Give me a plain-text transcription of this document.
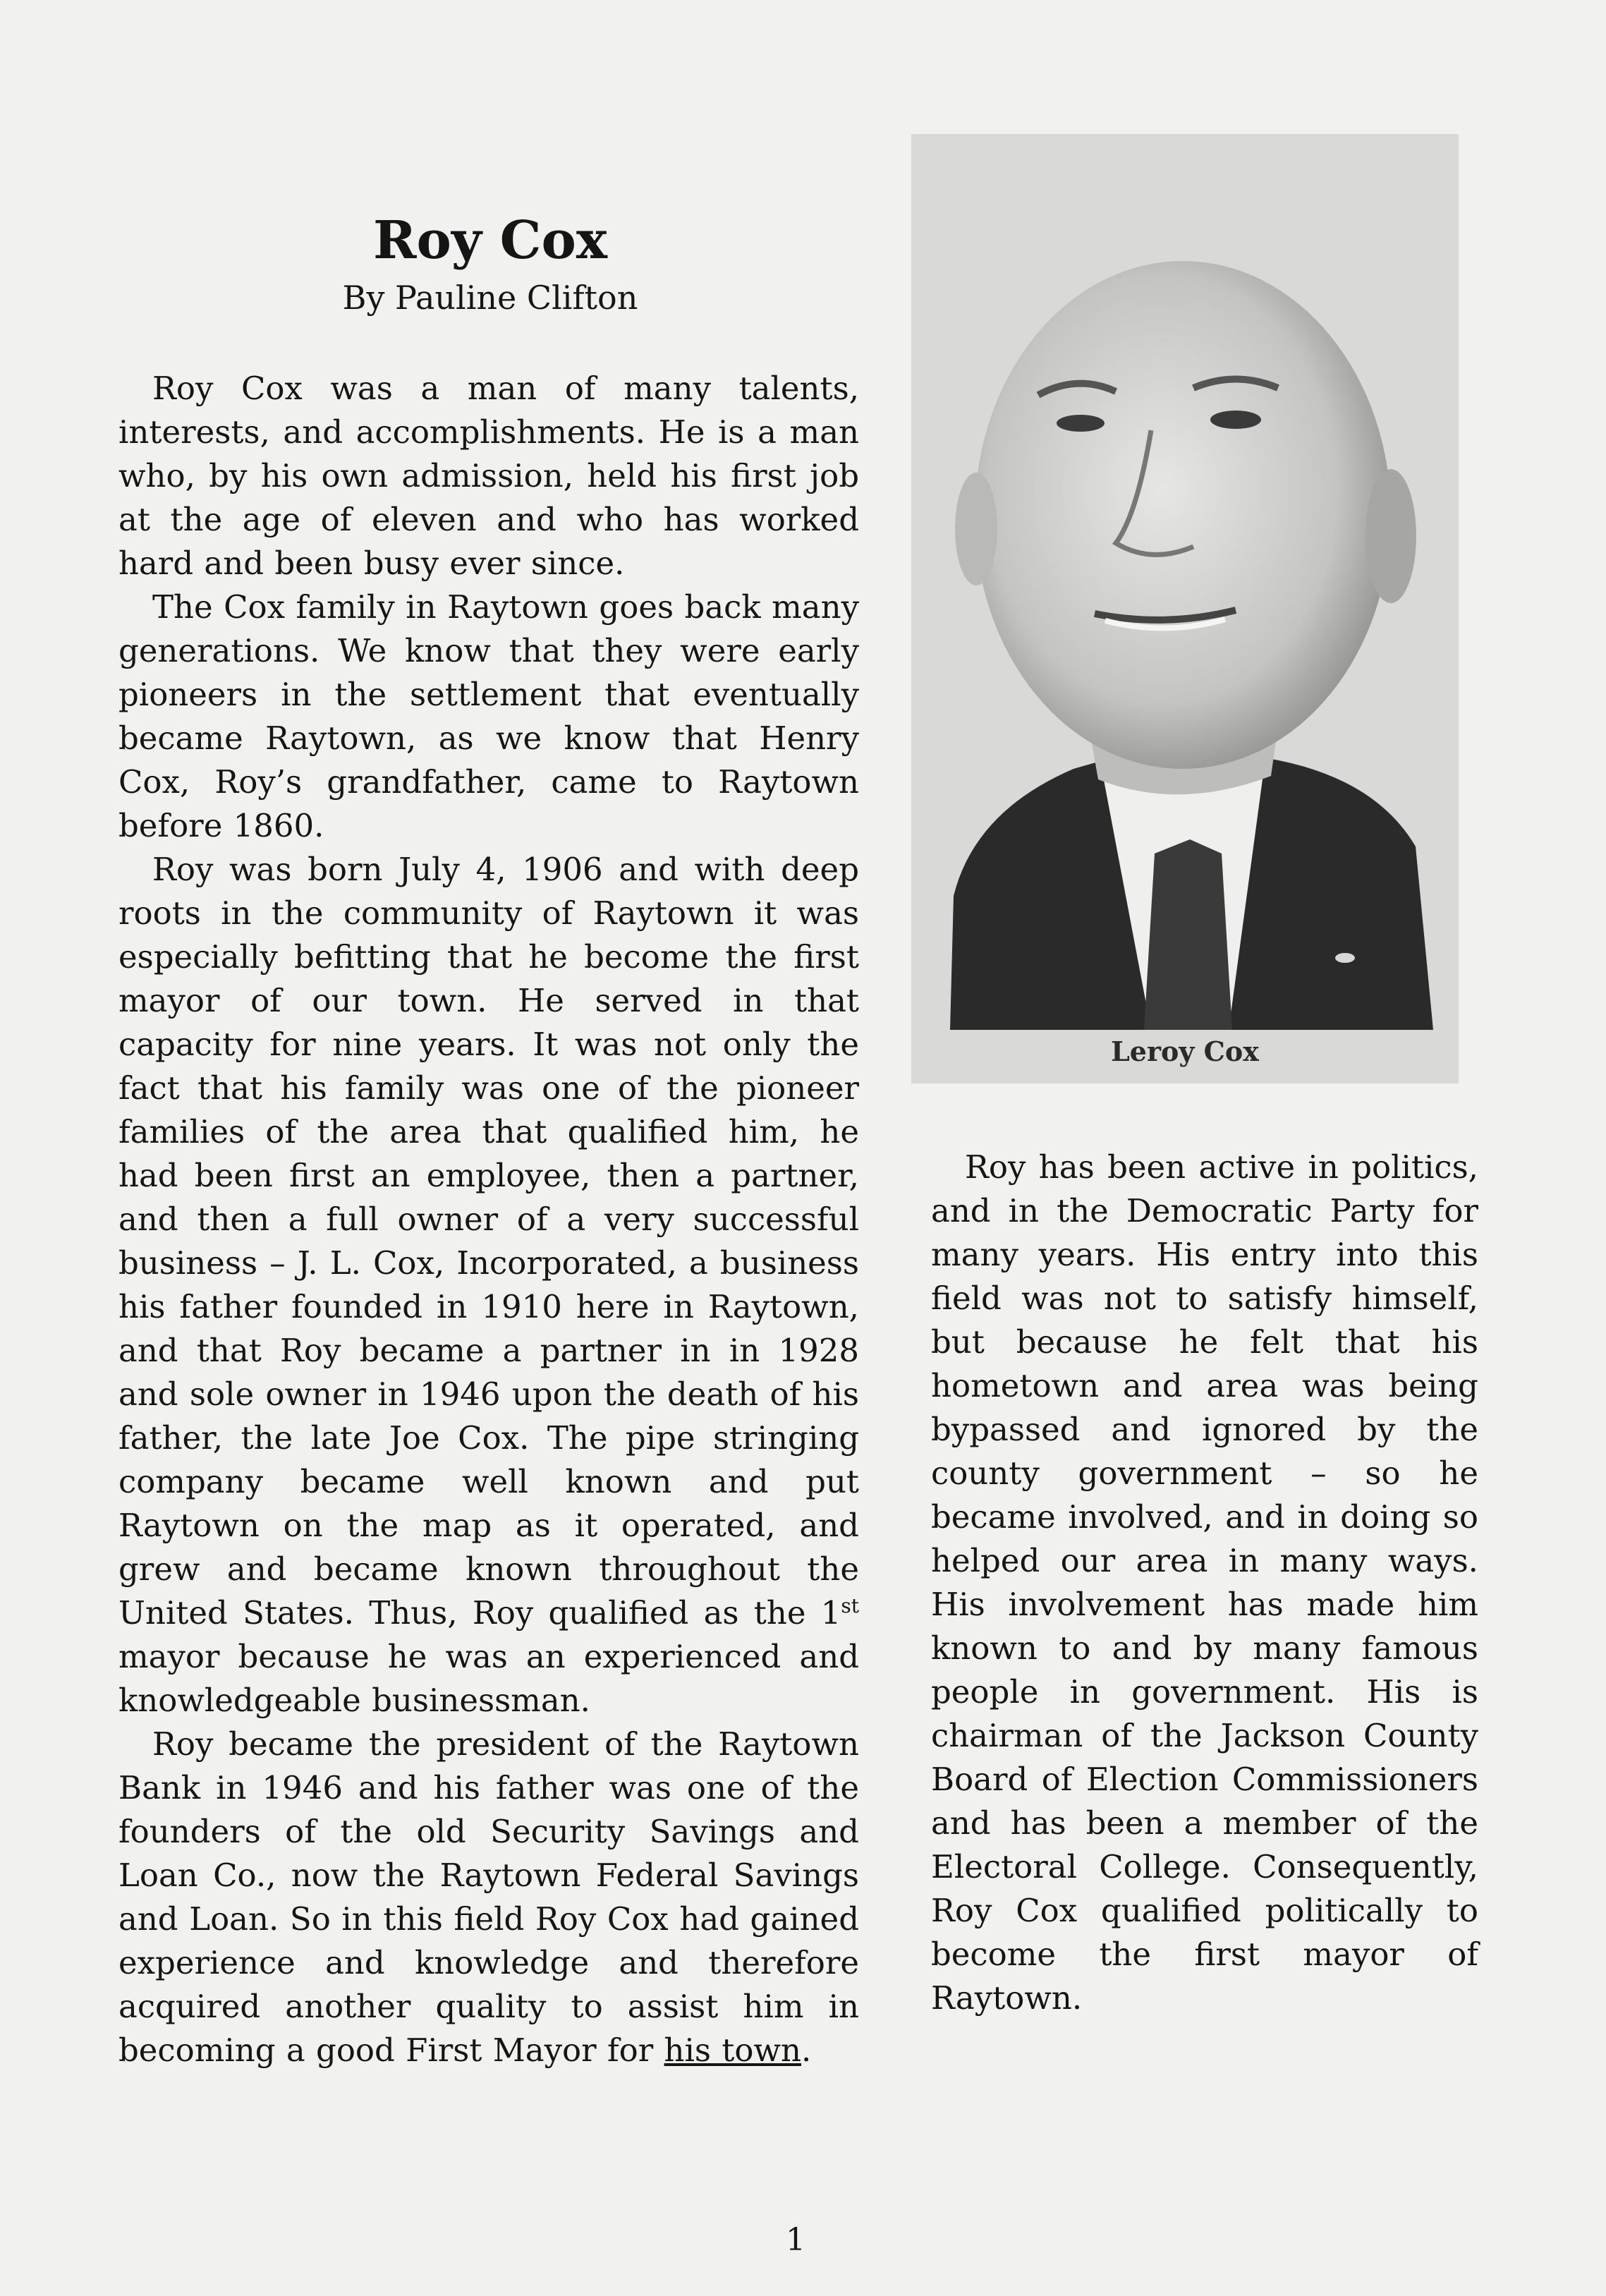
Roy Cox
By Pauline Clifton

Roy Cox was a man of many talents, interests, and accomplishments. He is a man who, by his own admission, held his first job at the age of eleven and who has worked hard and been busy ever since.

The Cox family in Raytown goes back many generations. We know that they were early pioneers in the settlement that eventually became Raytown, as we know that Henry Cox, Roy’s grandfather, came to Raytown before 1860.

Roy was born July 4, 1906 and with deep roots in the community of Raytown it was especially befitting that he become the first mayor of our town. He served in that capacity for nine years. It was not only the fact that his family was one of the pioneer families of the area that qualified him, he had been first an employee, then a partner, and then a full owner of a very successful business – J. L. Cox, Incorporated, a business his father founded in 1910 here in Raytown, and that Roy became a partner in in 1928 and sole owner in 1946 upon the death of his father, the late Joe Cox. The pipe stringing company became well known and put Raytown on the map as it operated, and grew and became known throughout the United States. Thus, Roy qualified as the 1st mayor because he was an experienced and knowledgeable businessman.

Roy became the president of the Raytown Bank in 1946 and his father was one of the founders of the old Security Savings and Loan Co., now the Raytown Federal Savings and Loan. So in this field Roy Cox had gained experience and knowledge and therefore acquired another quality to assist him in becoming a good First Mayor for his town.

Leroy Cox

Roy has been active in politics, and in the Democratic Party for many years. His entry into this field was not to satisfy himself, but because he felt that his hometown and area was being bypassed and ignored by the county government – so he became involved, and in doing so helped our area in many ways. His involvement has made him known to and by many famous people in government. His is chairman of the Jackson County Board of Election Commissioners and has been a member of the Electoral College. Consequently, Roy Cox qualified politically to become the first mayor of Raytown.

1
